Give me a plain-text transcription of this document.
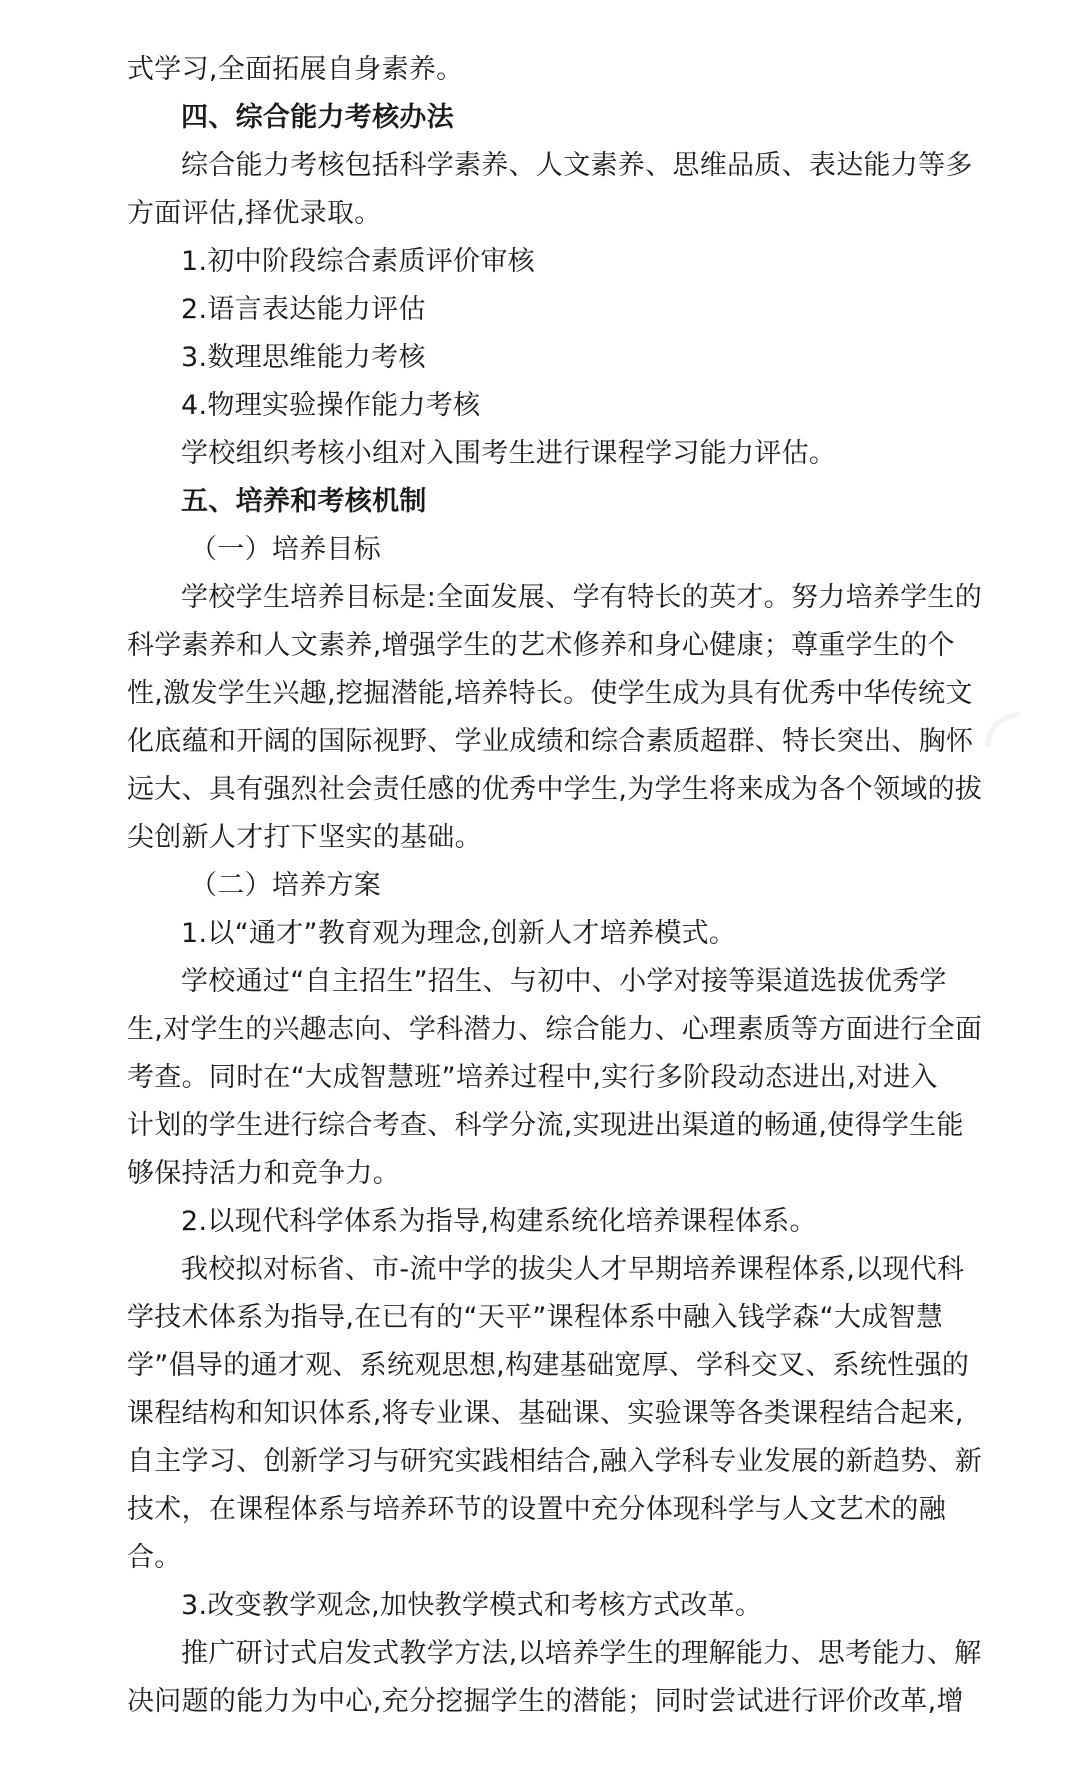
式学习,全面拓展自身素养。
四、综合能力考核办法
综合能力考核包括科学素养、人文素养、思维品质、表达能力等多
方面评估,择优录取。
1.初中阶段综合素质评价审核
2.语言表达能力评估
3.数理思维能力考核
4.物理实验操作能力考核
学校组织考核小组对入围考生进行课程学习能力评估。
五、培养和考核机制
（一）培养目标
学校学生培养目标是:全面发展、学有特长的英才。努力培养学生的
科学素养和人文素养,增强学生的艺术修养和身心健康；尊重学生的个
性,激发学生兴趣,挖掘潜能,培养特长。使学生成为具有优秀中华传统文
化底蕴和开阔的国际视野、学业成绩和综合素质超群、特长突出、胸怀
远大、具有强烈社会责任感的优秀中学生,为学生将来成为各个领域的拔
尖创新人才打下坚实的基础。
（二）培养方案
1.以“通才”教育观为理念,创新人才培养模式。
学校通过“自主招生”招生、与初中、小学对接等渠道选拔优秀学
生,对学生的兴趣志向、学科潜力、综合能力、心理素质等方面进行全面
考查。同时在“大成智慧班”培养过程中,实行多阶段动态进出,对进入
计划的学生进行综合考查、科学分流,实现进出渠道的畅通,使得学生能
够保持活力和竞争力。
2.以现代科学体系为指导,构建系统化培养课程体系。
我校拟对标省、市-流中学的拔尖人才早期培养课程体系,以现代科
学技术体系为指导,在已有的“天平”课程体系中融入钱学森“大成智慧
学”倡导的通才观、系统观思想,构建基础宽厚、学科交叉、系统性强的
课程结构和知识体系,将专业课、基础课、实验课等各类课程结合起来,
自主学习、创新学习与研究实践相结合,融入学科专业发展的新趋势、新
技术，在课程体系与培养环节的设置中充分体现科学与人文艺术的融
合。
3.改变教学观念,加快教学模式和考核方式改革。
推广研讨式启发式教学方法,以培养学生的理解能力、思考能力、解
决问题的能力为中心,充分挖掘学生的潜能；同时尝试进行评价改革,增
◜
